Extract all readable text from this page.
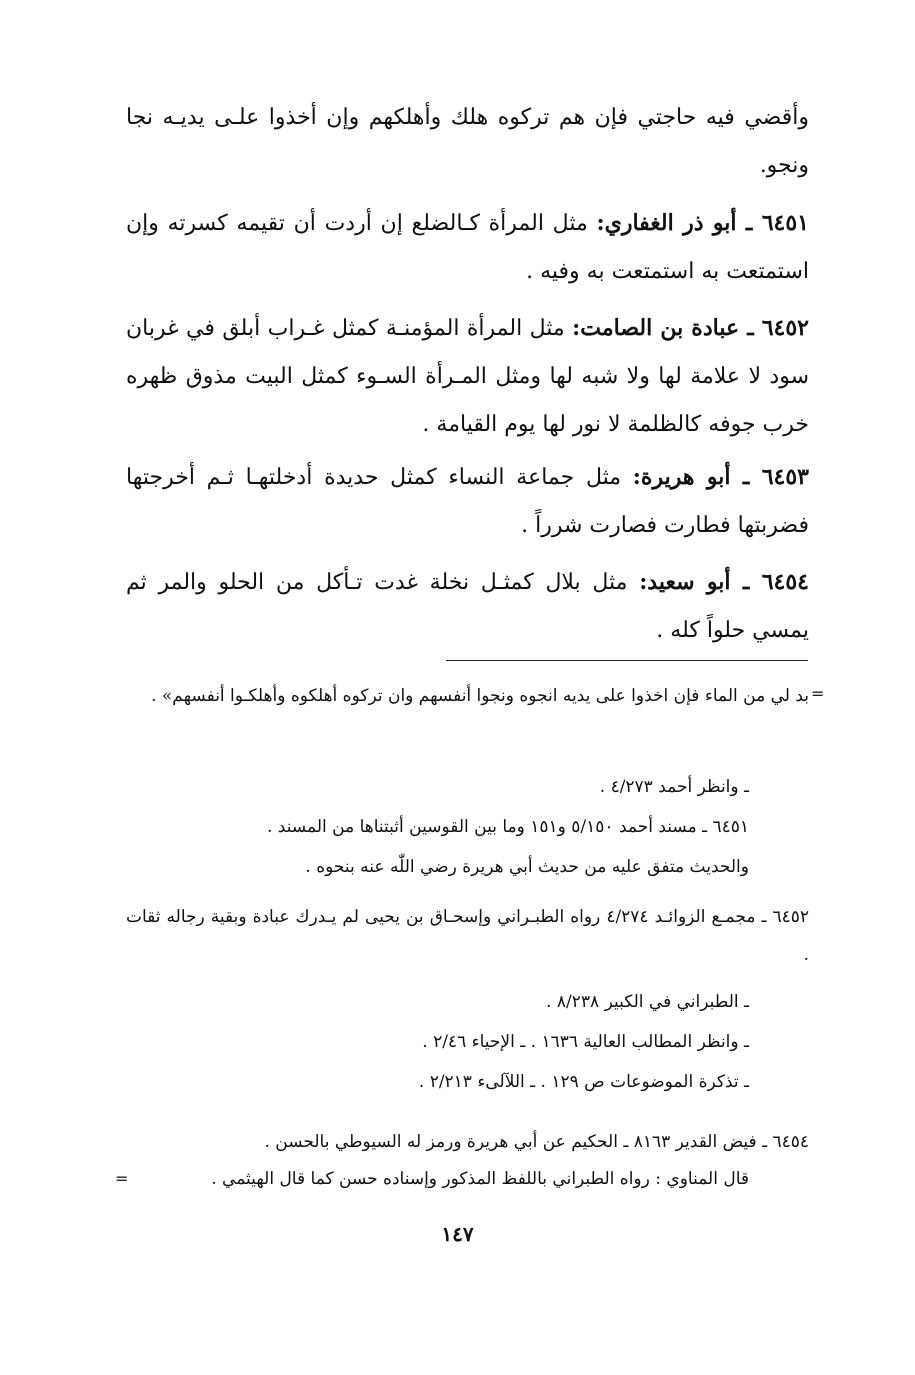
وأقضي فيه حاجتي فإن هم تركوه هلك وأهلكهم وإن أخذوا علـى يديـه نجا ونجو.
٦٤٥١ ـ أبو ذر الغفاري: مثل المرأة كـالضلع إن أردت أن تقيمه كسرته وإن استمتعت به استمتعت به وفيه .
٦٤٥٢ ـ عبادة بن الصامت: مثل المرأة المؤمنـة كمثل غـراب أبلق في غربان سود لا علامة لها ولا شبه لها ومثل المـرأة السـوء كمثل البيت مذوق ظهره خرب جوفه كالظلمة لا نور لها يوم القيامة .
٦٤٥٣ ـ أبو هريرة: مثل جماعة النساء كمثل حديدة أدخلتهـا ثـم أخرجتها فضربتها فطارت فصارت شرراً .
٦٤٥٤ ـ أبو سعيد: مثل بلال كمثـل نخلة غدت تـأكل من الحلو والمر ثم يمسي حلواً كله .
=
بد لي من الماء فإن اخذوا على يديه انجوه ونجوا أنفسهم وان تركوه أهلكوه وأهلكـوا أنفسهم» .
ـ وانظر أحمد ٤/٢٧٣ .
٦٤٥١ ـ مسند أحمد ٥/١٥٠ و١٥١ وما بين القوسين أثبتناها من المسند .
والحديث متفق عليه من حديث أبي هريرة رضي اللّٰه عنه بنحوه .
٦٤٥٢ ـ مجمـع الزوائـد ٤/٢٧٤ رواه الطبـراني وإسحـاق بن يحيى لم يـدرك عبادة وبقية رجاله ثقات .
ـ الطبراني في الكبير ٨/٢٣٨ .
ـ وانظر المطالب العالية ١٦٣٦ . ـ الإحياء ٢/٤٦ .
ـ تذكرة الموضوعات ص ١٢٩ . ـ اللآلىء ٢/٢١٣ .
٦٤٥٤ ـ فيض القدير ٨١٦٣ ـ الحكيم عن أبي هريرة ورمز له السيوطي بالحسن .
قال المناوي : رواه الطبراني باللفظ المذكور وإسناده حسن كما قال الهيثمي .
=
١٤٧
